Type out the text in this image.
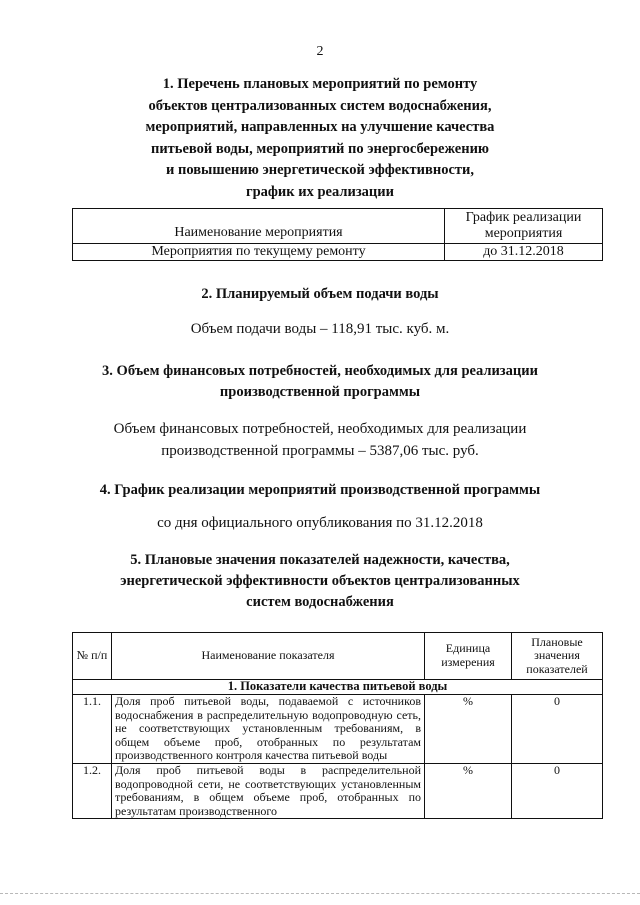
2
1. Перечень плановых мероприятий по ремонту
объектов централизованных систем водоснабжения,
мероприятий, направленных на улучшение качества
питьевой воды, мероприятий по энергосбережению
и повышению энергетической эффективности,
график их реализации
Наименование мероприятия	График реализации мероприятия
Мероприятия по текущему ремонту	до 31.12.2018
2. Планируемый объем подачи воды
Объем подачи воды – 118,91 тыс. куб. м.
3. Объем финансовых потребностей, необходимых для реализации
производственной программы
Объем финансовых потребностей, необходимых для реализации
производственной программы – 5387,06 тыс. руб.
4. График реализации мероприятий производственной программы
со дня официального опубликования по 31.12.2018
5. Плановые значения показателей надежности, качества,
энергетической эффективности объектов централизованных
систем водоснабжения
№ п/п	Наименование показателя	Единица измерения	Плановые значения показателей
1. Показатели качества питьевой воды			
1.1.	Доля проб питьевой воды, подаваемой с источников водоснабжения в распределительную водопроводную сеть, не соответствующих установленным требованиям, в общем объеме проб, отобранных по результатам производственного контроля качества питьевой воды	%	0
1.2.	Доля проб питьевой воды в распределительной водопроводной сети, не соответствующих установленным требованиям, в общем объеме проб, отобранных по результатам производственного	%	0
